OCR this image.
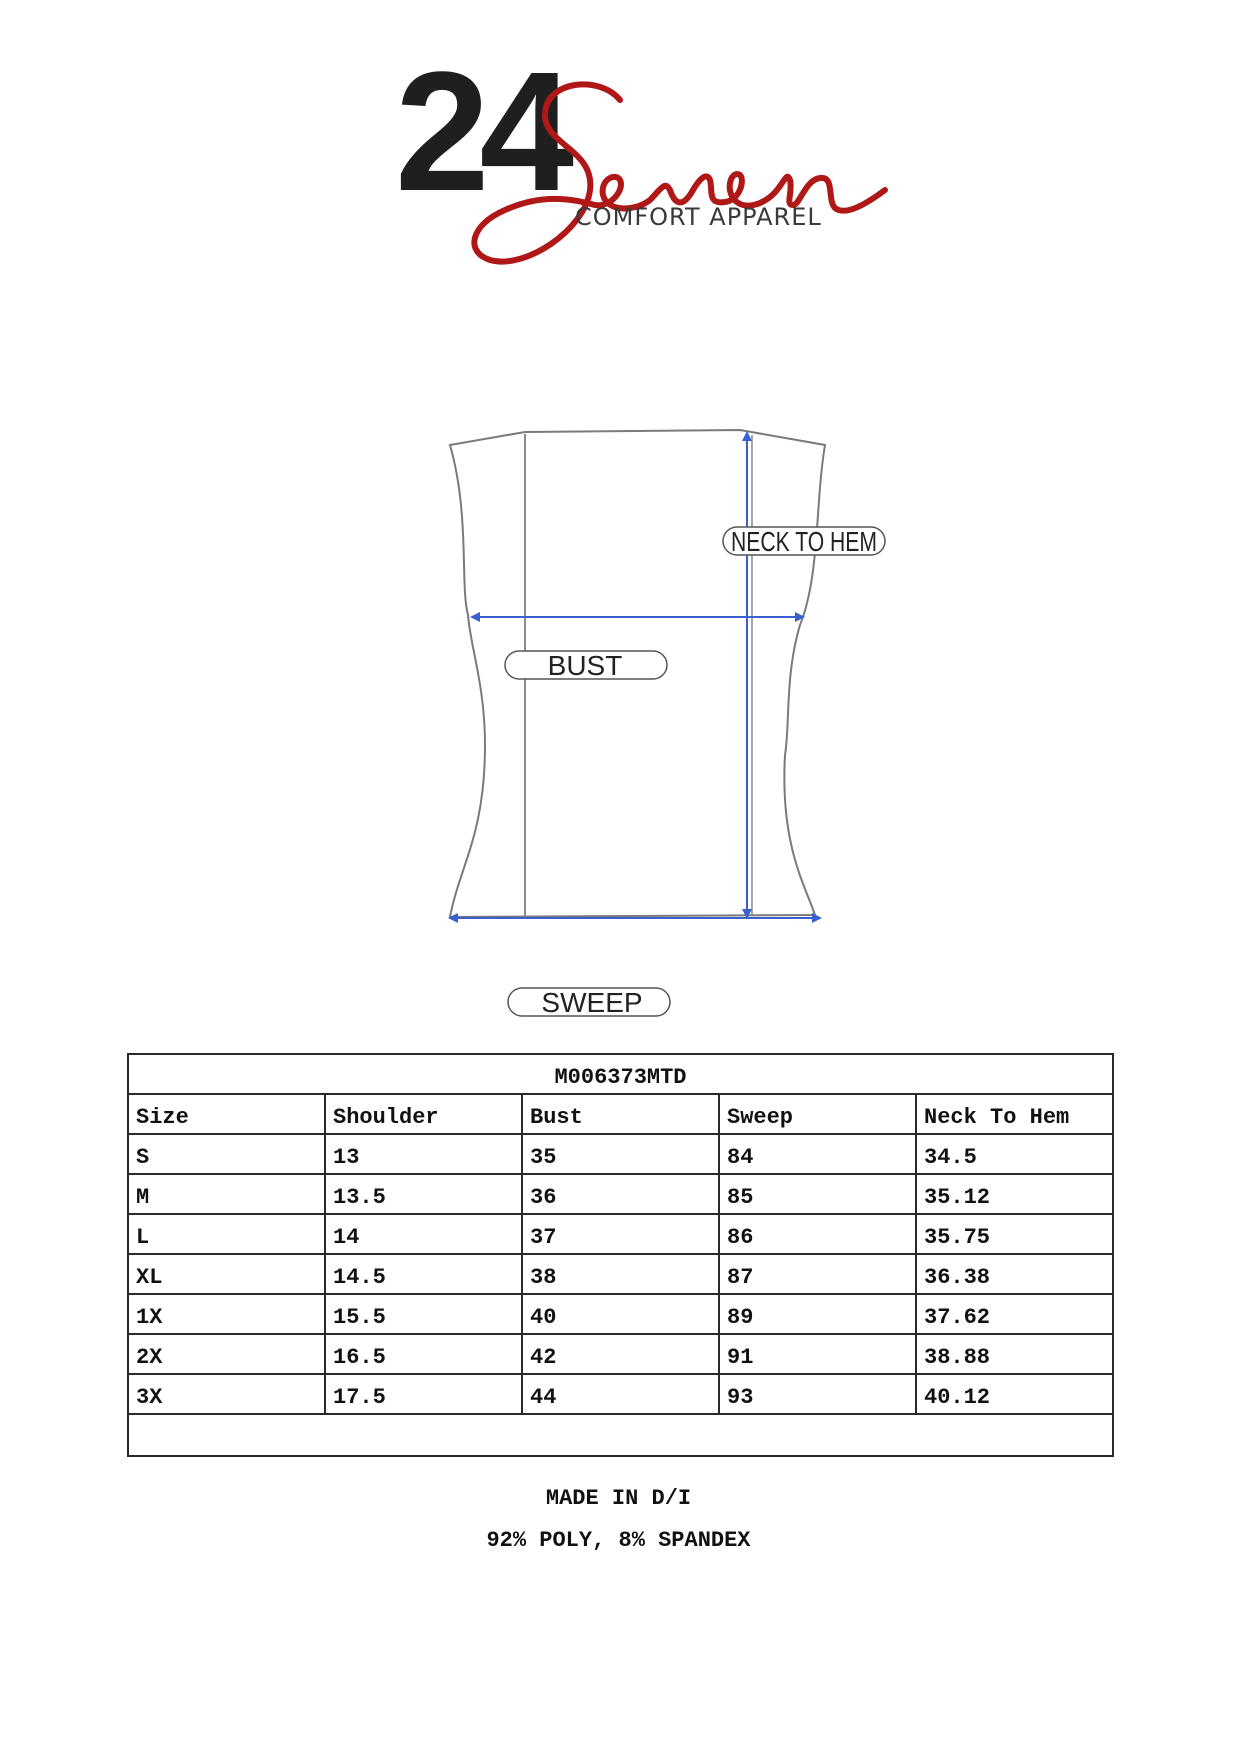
24 COMFORT APPAREL
NECK TO HEM
BUST
SWEEP
M006373MTD				
Size	Shoulder	Bust	Sweep	Neck To Hem
S	13	35	84	34.5
M	13.5	36	85	35.12
L	14	37	86	35.75
XL	14.5	38	87	36.38
1X	15.5	40	89	37.62
2X	16.5	42	91	38.88
3X	17.5	44	93	40.12

MADE IN D/I
92% POLY, 8% SPANDEX
